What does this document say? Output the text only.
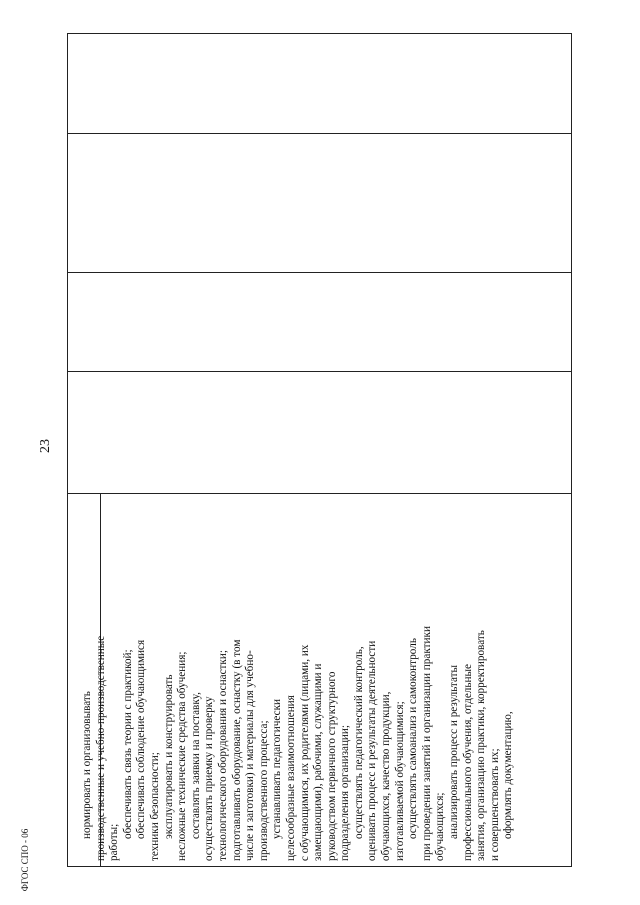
23
ФГОС СПО - 06
нормировать и организовывать производственные и учебно-производственные работы;
обеспечивать связь теории с практикой; обеспечивать соблюдение обучающимися техники безопасности; эксплуатировать и конструировать несложные технические средства обучения; составлять заявки на поставку, осуществлять приемку и проверку технологического оборудования и оснастки; подготавливать оборудование, оснастку (в том числе и заготовки) и материалы для учебно- производственного процесса; устанавливать педагогически целесообразные взаимоотношения с обучающимися, их родителями (лицами, их замещающими), рабочими, служащими и руководством первичного структурного подразделения организации; осуществлять педагогический контроль, оценивать процесс и результаты деятельности обучающихся, качество продукции, изготавливаемой обучающимися; осуществлять самоанализ и самоконтроль при проведении занятий и организации практики обучающихся; анализировать процесс и результаты профессионального обучения, отдельные занятия, организацию практики, корректировать и совершенствовать их; оформлять документацию,
